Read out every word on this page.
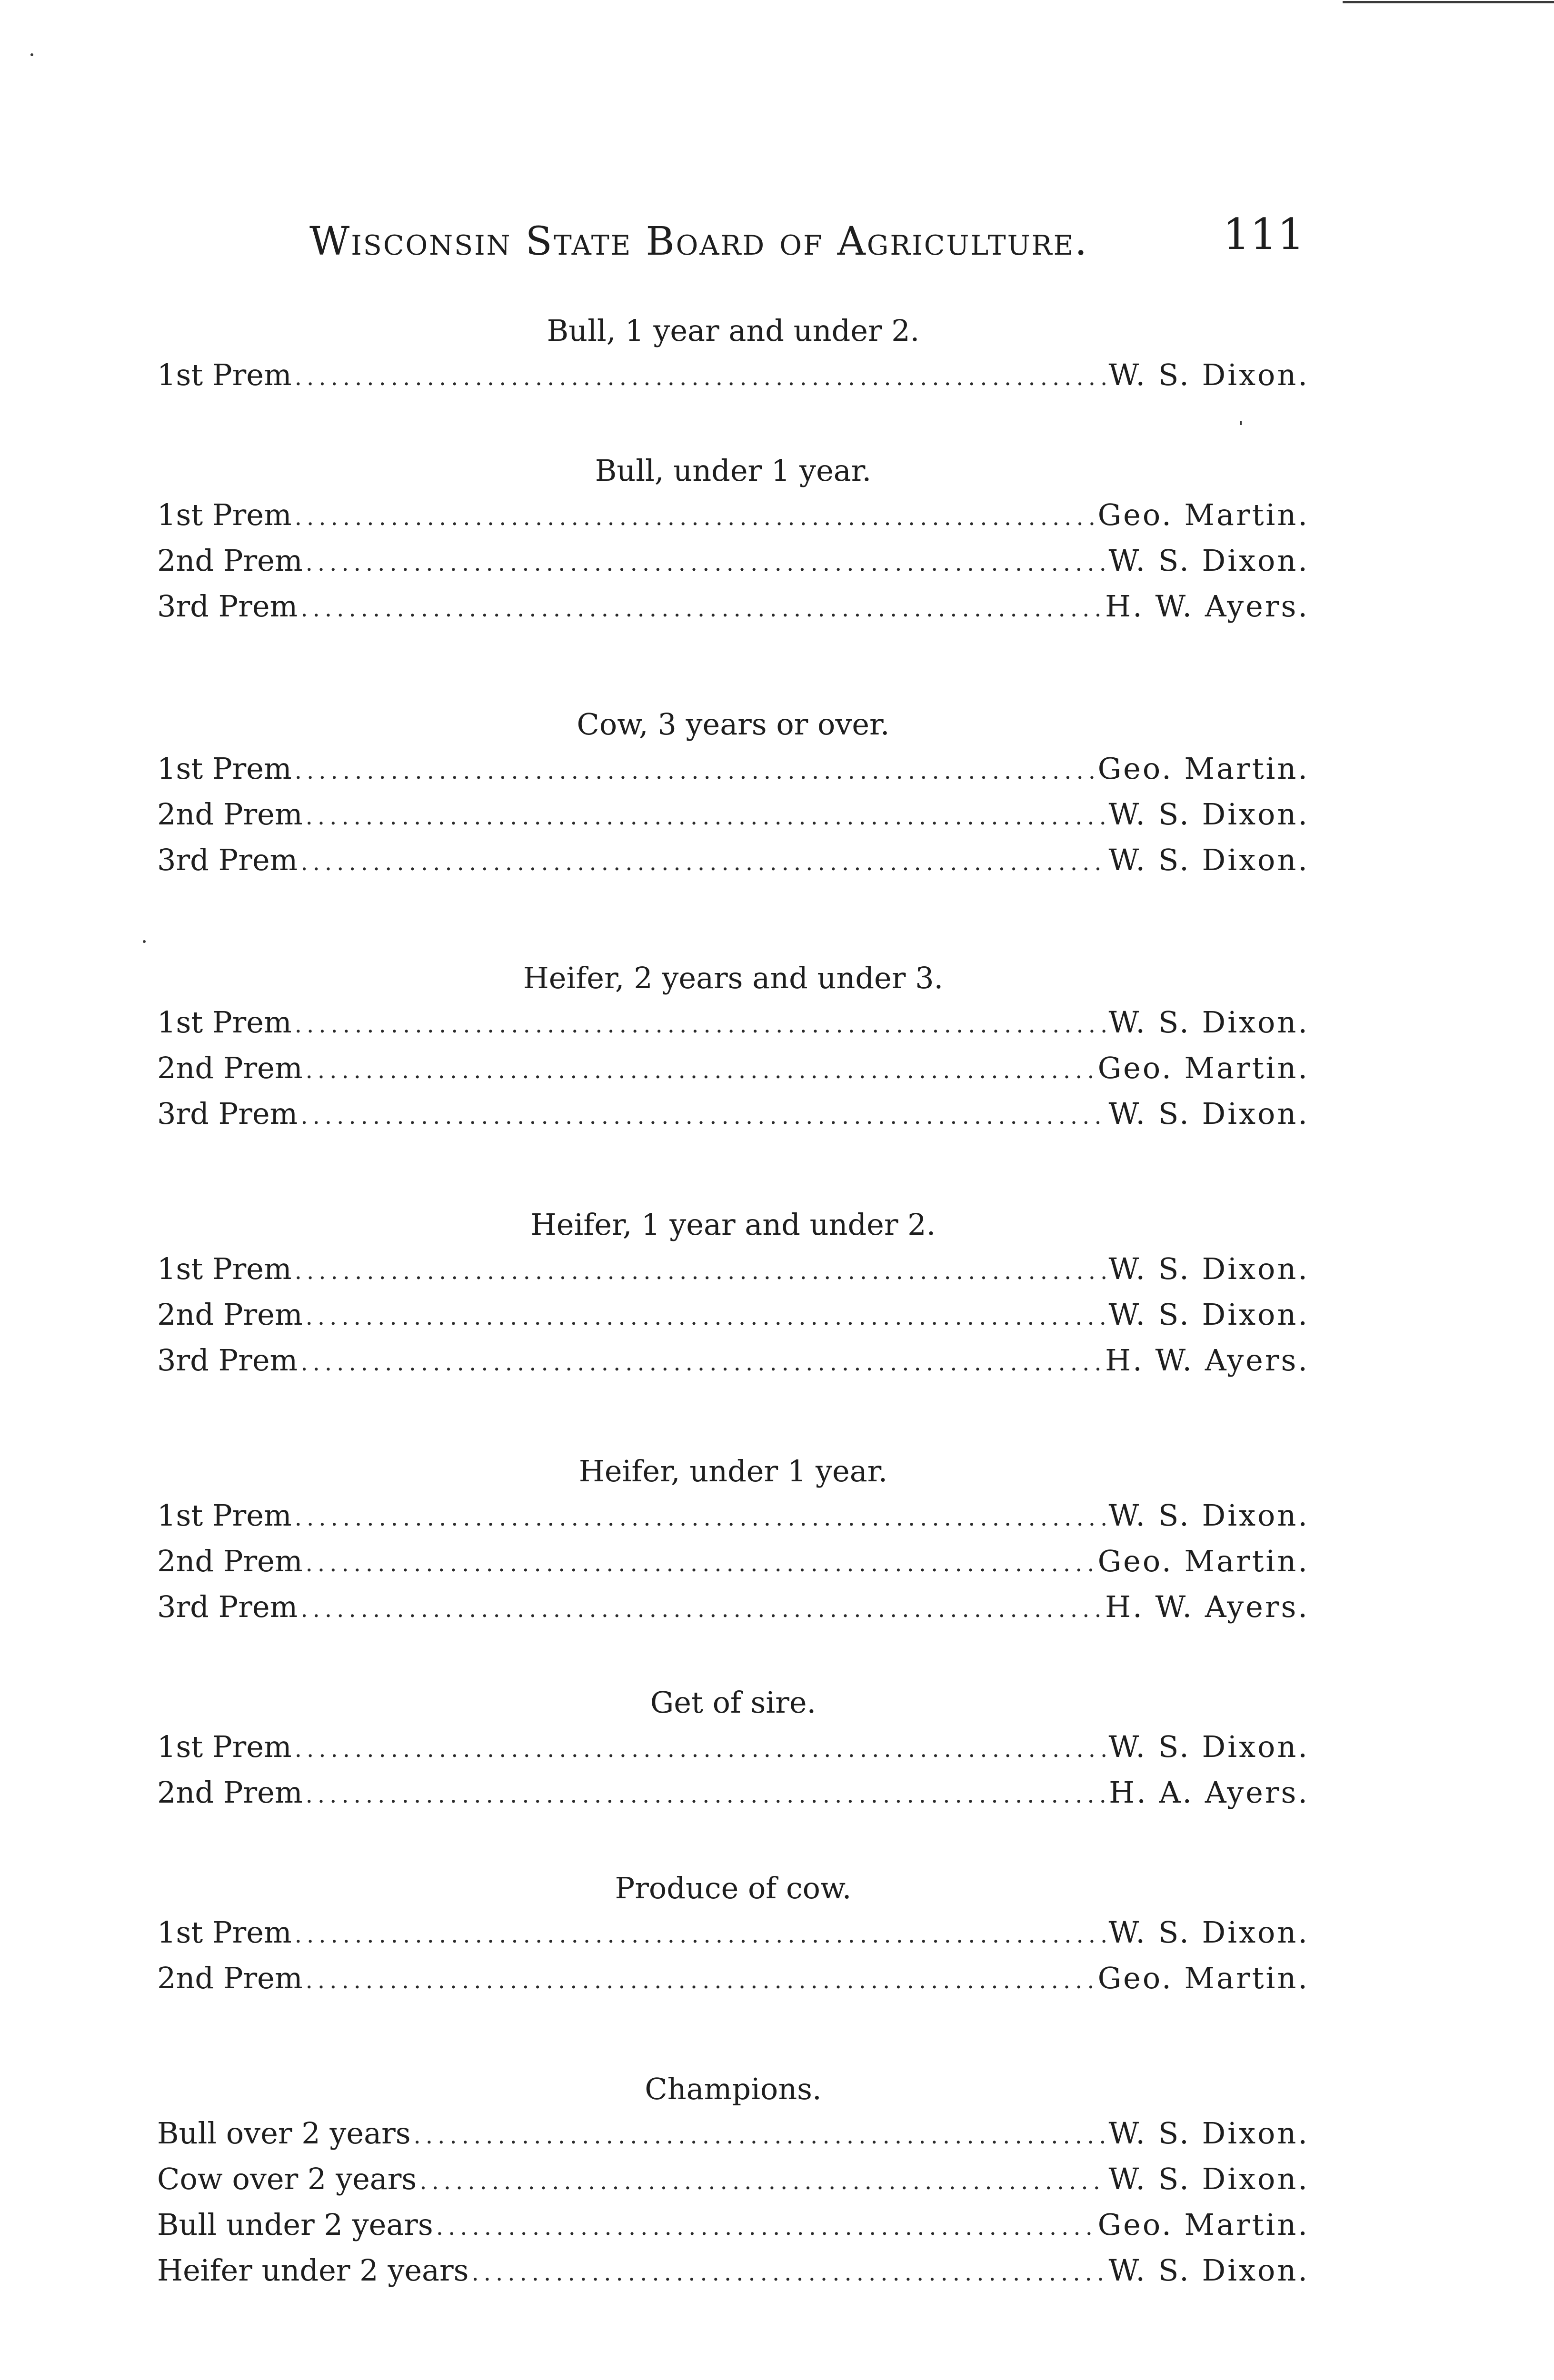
Wisconsin State Board of Agriculture.	111
Bull, 1 year and under 2.
1st Prem .....	W. S. Dixon.
Bull, under 1 year.
1st Prem .....	Geo. Martin.
2nd Prem .....	W. S. Dixon.
3rd Prem .....	H. W. Ayers.
Cow, 3 years or over.
1st Prem .....	Geo. Martin.
2nd Prem .....	W. S. Dixon.
3rd Prem .....	W. S. Dixon.
Heifer, 2 years and under 3.
1st Prem .....	W. S. Dixon.
2nd Prem .....	Geo. Martin.
3rd Prem .....	W. S. Dixon.
Heifer, 1 year and under 2.
1st Prem .....	W. S. Dixon.
2nd Prem .....	W. S. Dixon.
3rd Prem .....	H. W. Ayers.
Heifer, under 1 year.
1st Prem .....	W. S. Dixon.
2nd Prem .....	Geo. Martin.
3rd Prem .....	H. W. Ayers.
Get of sire.
1st Prem .....	W. S. Dixon.
2nd Prem .....	H. A. Ayers.
Produce of cow.
1st Prem .....	W. S. Dixon.
2nd Prem .....	Geo. Martin.
Champions.
Bull over 2 years .....	W. S. Dixon.
Cow over 2 years .....	W. S. Dixon.
Bull under 2 years .....	Geo. Martin.
Heifer under 2 years .....	W. S. Dixon.
